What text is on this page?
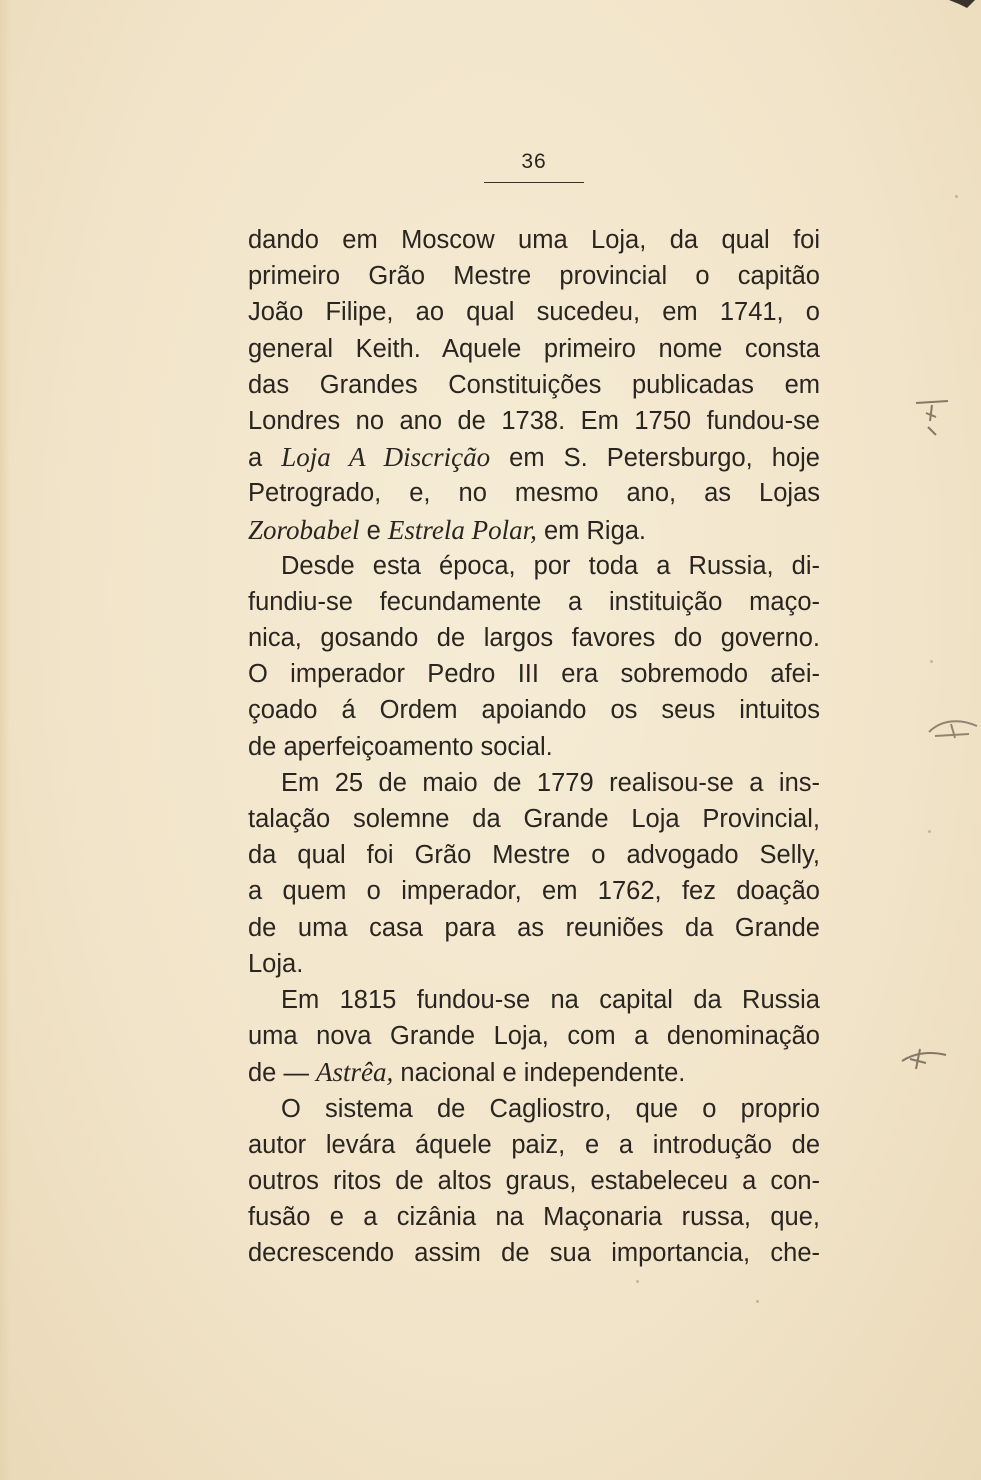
36
dando em Moscow uma Loja, da qual foi
primeiro Grão Mestre provincial o capitão
João Filipe, ao qual sucedeu, em 1741, o
general Keith. Aquele primeiro nome consta
das Grandes Constituições publicadas em
Londres no ano de 1738. Em 1750 fundou-se
a Loja A Discrição em S. Petersburgo, hoje
Petrogrado, e, no mesmo ano, as Lojas
Zorobabel e Estrela Polar, em Riga.
Desde esta época, por toda a Russia, di-
fundiu-se fecundamente a instituição maço-
nica, gosando de largos favores do governo.
O imperador Pedro III era sobremodo afei-
çoado á Ordem apoiando os seus intuitos
de aperfeiçoamento social.
Em 25 de maio de 1779 realisou-se a ins-
talação solemne da Grande Loja Provincial,
da qual foi Grão Mestre o advogado Selly,
a quem o imperador, em 1762, fez doação
de uma casa para as reuniões da Grande
Loja.
Em 1815 fundou-se na capital da Russia
uma nova Grande Loja, com a denominação
de — Astrêa, nacional e independente.
O sistema de Cagliostro, que o proprio
autor levára áquele paiz, e a introdução de
outros ritos de altos graus, estabeleceu a con-
fusão e a cizânia na Maçonaria russa, que,
decrescendo assim de sua importancia, che-
